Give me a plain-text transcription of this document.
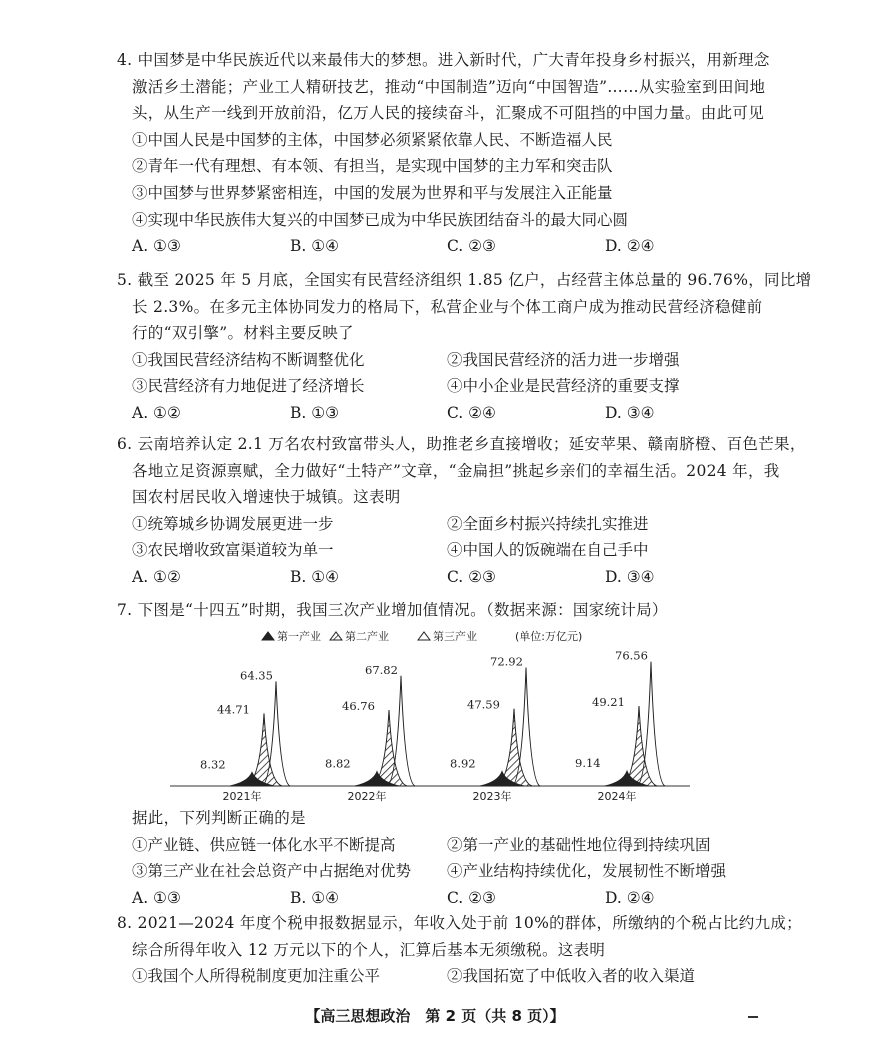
4. 中国梦是中华民族近代以来最伟大的梦想。进入新时代，广大青年投身乡村振兴，用新理念
激活乡土潜能；产业工人精研技艺，推动“中国制造”迈向“中国智造”……从实验室到田间地
头，从生产一线到开放前沿，亿万人民的接续奋斗，汇聚成不可阻挡的中国力量。由此可见
①中国人民是中国梦的主体，中国梦必须紧紧依靠人民、不断造福人民
②青年一代有理想、有本领、有担当，是实现中国梦的主力军和突击队
③中国梦与世界梦紧密相连，中国的发展为世界和平与发展注入正能量
④实现中华民族伟大复兴的中国梦已成为中华民族团结奋斗的最大同心圆
A. ①③	B. ①④	C. ②③	D. ②④
5. 截至 2025 年 5 月底，全国实有民营经济组织 1.85 亿户，占经营主体总量的 96.76%，同比增
长 2.3%。在多元主体协同发力的格局下，私营企业与个体工商户成为推动民营经济稳健前
行的“双引擎”。材料主要反映了
①我国民营经济结构不断调整优化	②我国民营经济的活力进一步增强
③民营经济有力地促进了经济增长	④中小企业是民营经济的重要支撑
A. ①②	B. ①③	C. ②④	D. ③④
6. 云南培养认定 2.1 万名农村致富带头人，助推老乡直接增收；延安苹果、赣南脐橙、百色芒果，
各地立足资源禀赋，全力做好“土特产”文章，“金扁担”挑起乡亲们的幸福生活。2024 年，我
国农村居民收入增速快于城镇。这表明
①统筹城乡协调发展更进一步	②全面乡村振兴持续扎实推进
③农民增收致富渠道较为单一	④中国人的饭碗端在自己手中
A. ①②	B. ①④	C. ②③	D. ③④
7. 下图是“十四五”时期，我国三次产业增加值情况。（数据来源：国家统计局）
第一产业 第二产业	第三产业	(单位:万亿元)
8.32
44.71
64.35
2021年
8.82
46.76
67.82
2022年
8.92
47.59
72.92
2023年
9.14
49.21
76.56
2024年
据此，下列判断正确的是
①产业链、供应链一体化水平不断提高	②第一产业的基础性地位得到持续巩固
③第三产业在社会总资产中占据绝对优势 ④产业结构持续优化，发展韧性不断增强
A. ①③	B. ①④	C. ②③	D. ②④
8. 2021—2024 年度个税申报数据显示，年收入处于前 10%的群体，所缴纳的个税占比约九成；
综合所得年收入 12 万元以下的个人，汇算后基本无须缴税。这表明
①我国个人所得税制度更加注重公平	②我国拓宽了中低收入者的收入渠道
【高三思想政治　第 2 页（共 8 页）】
